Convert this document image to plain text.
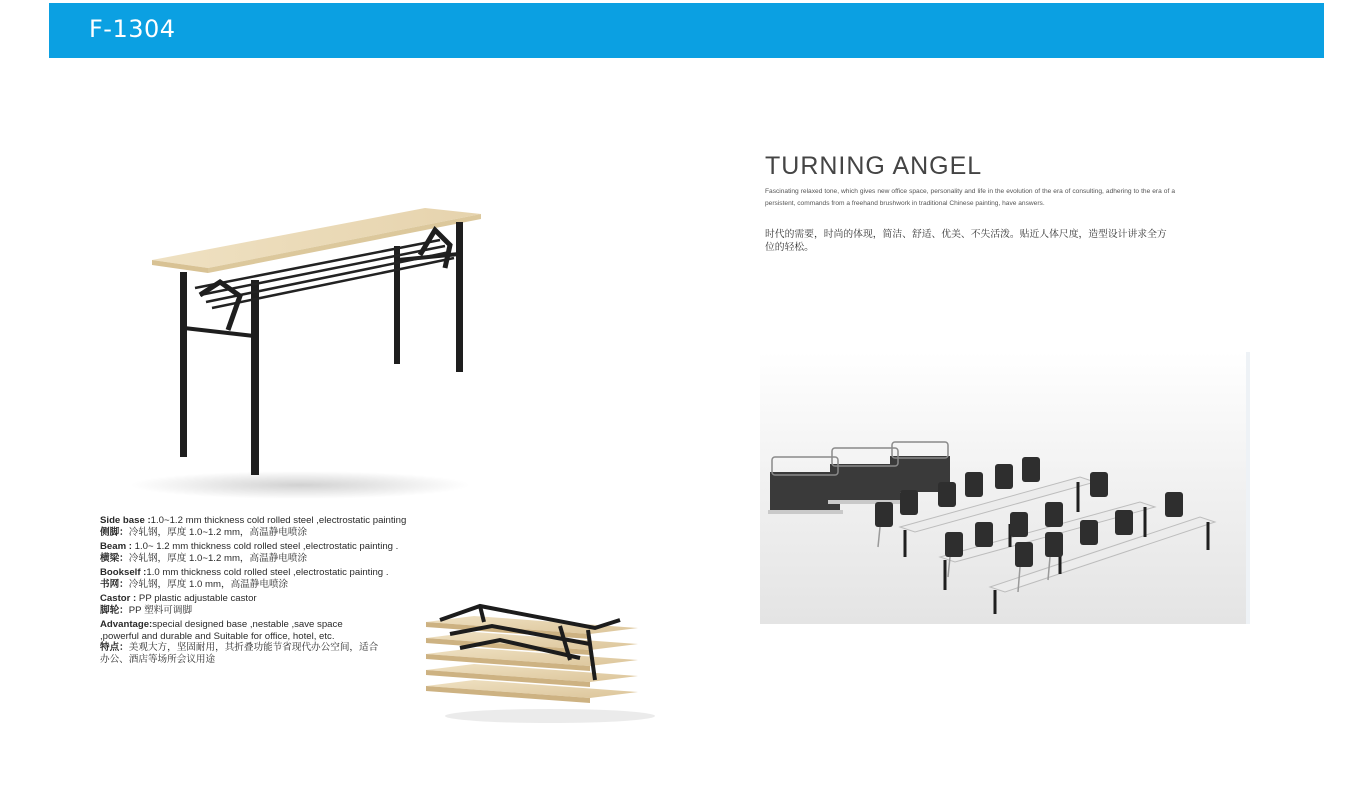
F-1304
Side base :1.0~1.2 mm thickness cold rolled steel ,electrostatic painting
侧脚：冷轧钢，厚度 1.0~1.2 mm，高温静电喷涂
Beam : 1.0~ 1.2 mm thickness cold rolled steel ,electrostatic painting .
横梁：冷轧钢，厚度 1.0~1.2 mm，高温静电喷涂
Bookself :1.0 mm thickness cold rolled steel ,electrostatic painting .
书网：冷轧钢，厚度 1.0 mm，高温静电喷涂
Castor : PP plastic adjustable castor
脚轮：PP 塑料可调脚
Advantage:special designed base ,nestable ,save space
,powerful and durable and Suitable for office, hotel, etc.
特点：美观大方，坚固耐用，其折叠功能节省现代办公空间，适合
办公、酒店等场所会议用途
TURNING ANGEL
Fascinating relaxed tone, which gives new office space, personality and life in the evolution of the era of consulting, adhering to the era of a persistent, commands from a freehand brushwork in traditional Chinese painting, have answers.
时代的需要，时尚的体现，简洁、舒适、优美、不失活泼。贴近人体尺度，造型设计讲求全方位的轻松。
